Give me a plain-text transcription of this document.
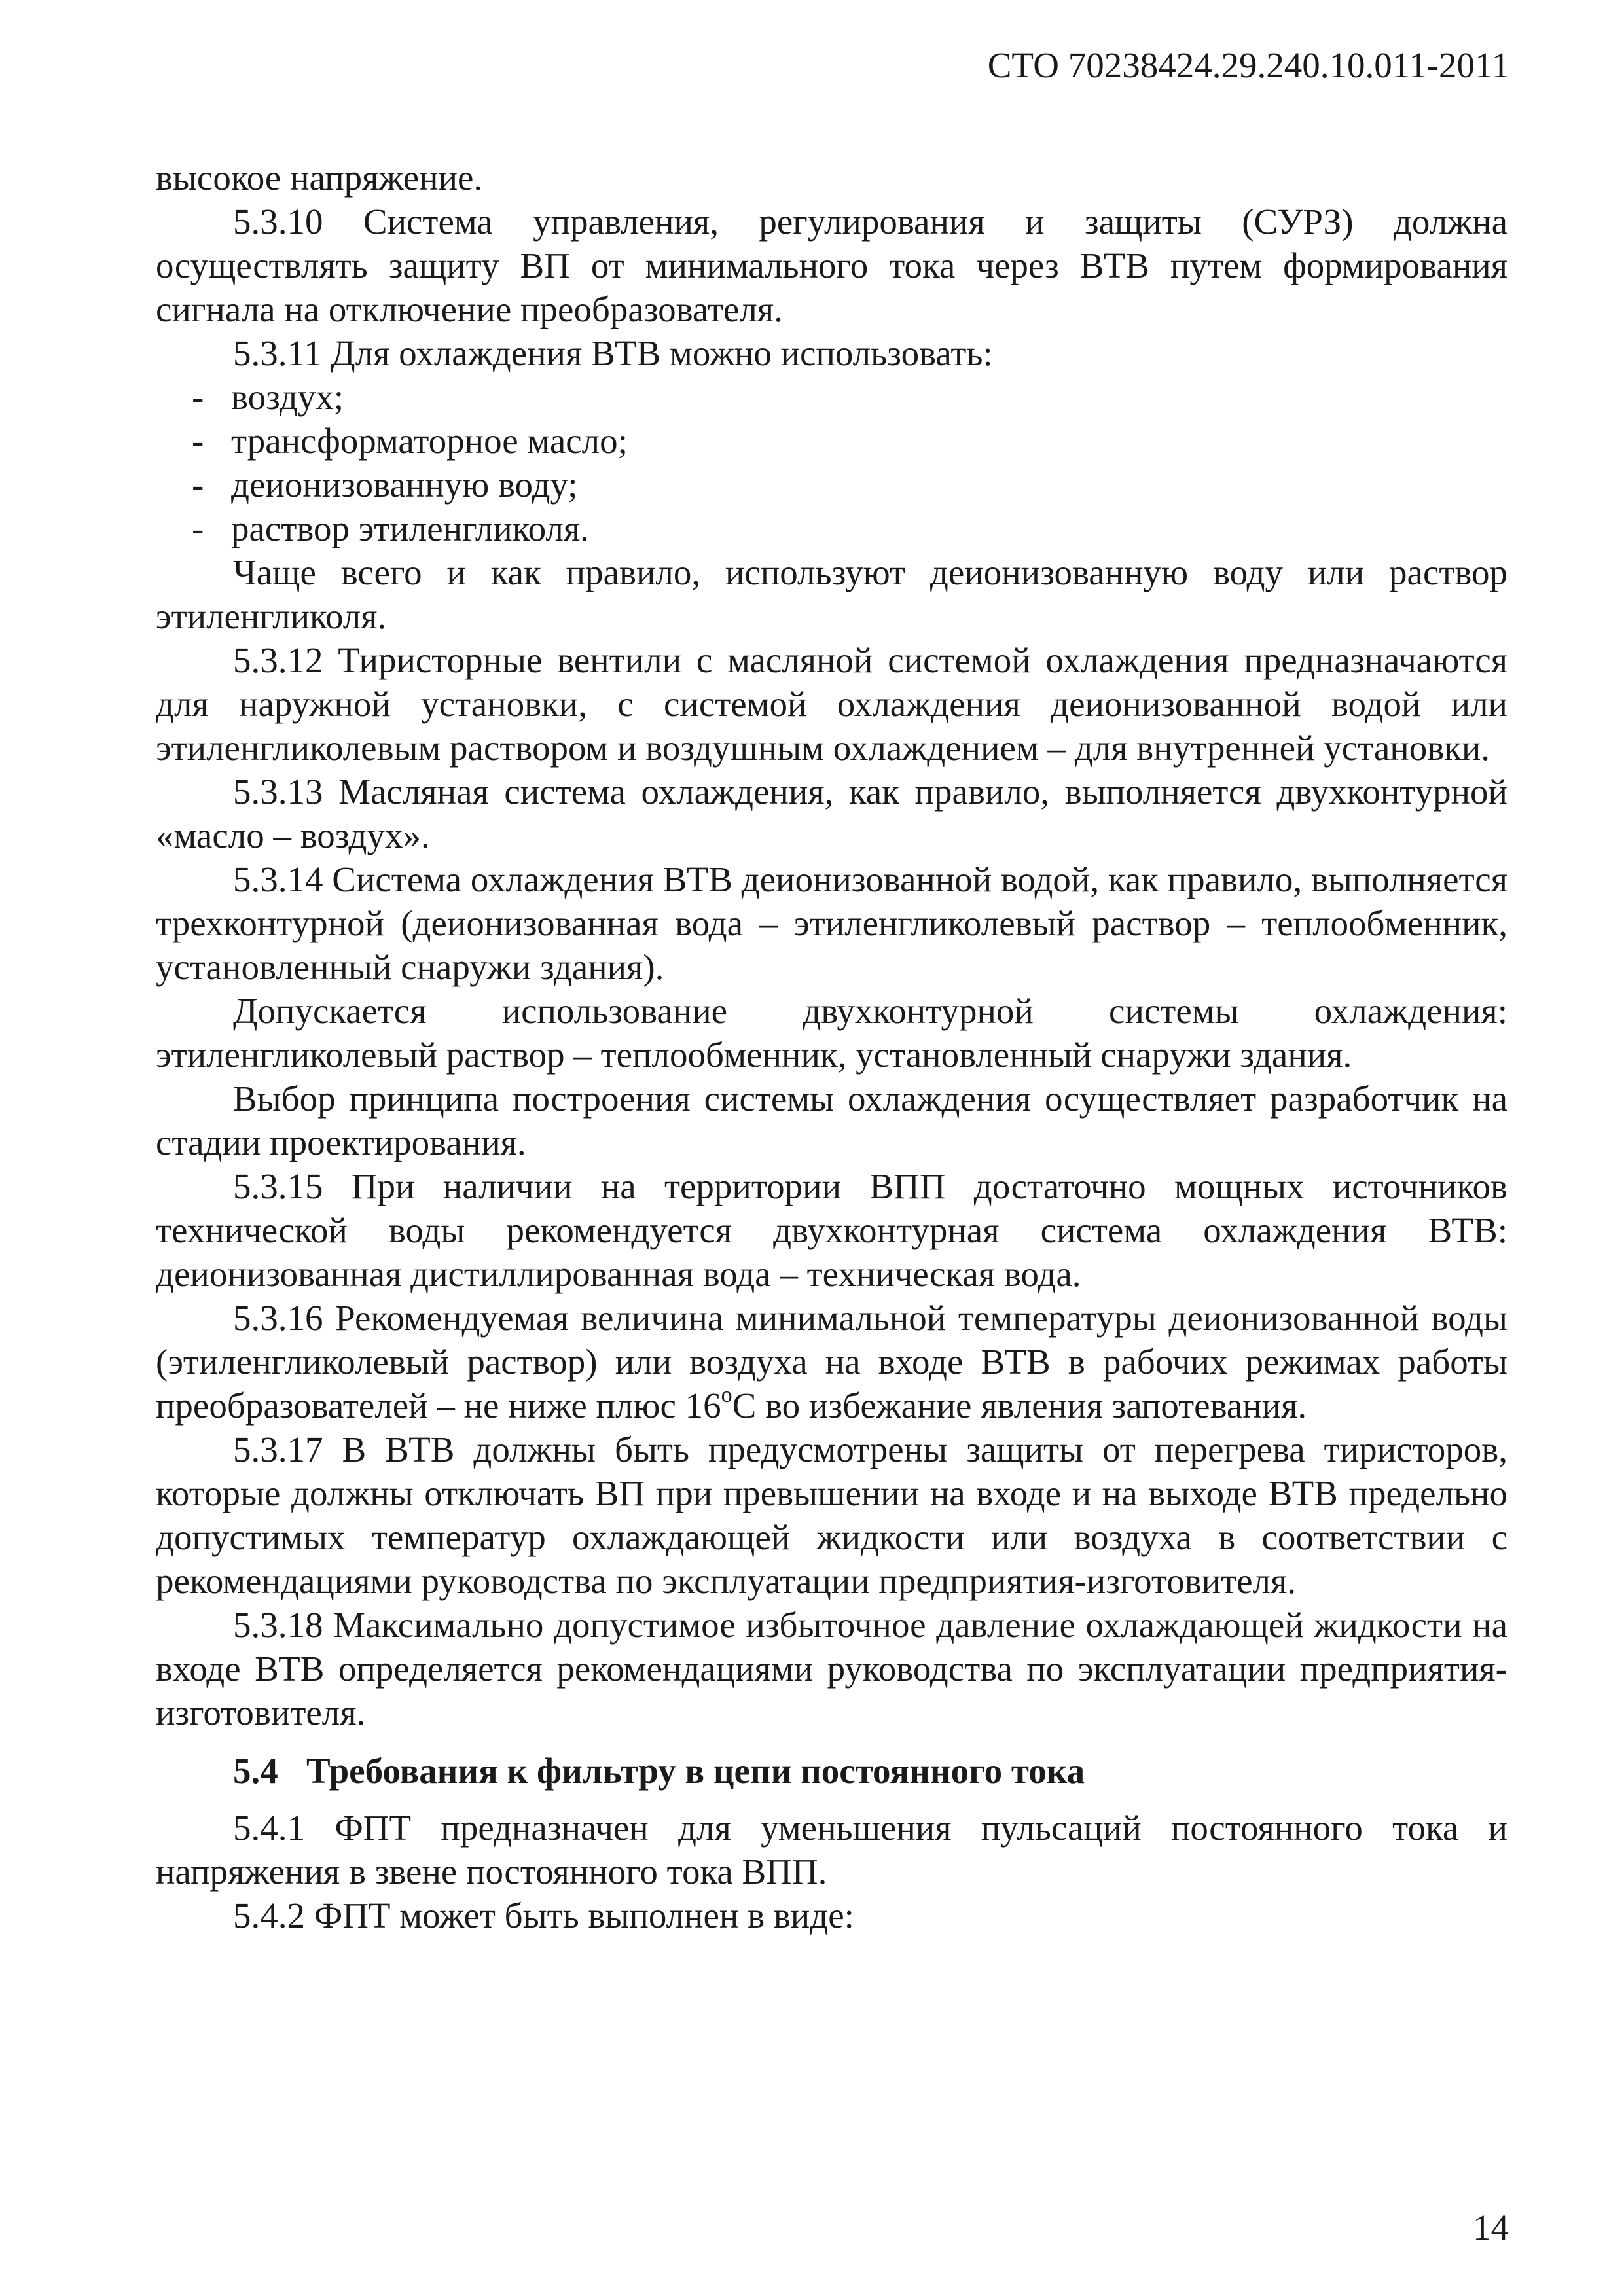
СТО 70238424.29.240.10.011-2011

высокое напряжение.

5.3.10 Система управления, регулирования и защиты (СУРЗ) должна осуществлять защиту ВП от минимального тока через ВТВ путем формирования сигнала на отключение преобразователя.

5.3.11 Для охлаждения ВТВ можно использовать:

- воздух;

- трансформаторное масло;

- деионизованную воду;

- раствор этиленгликоля.

Чаще всего и как правило, используют деионизованную воду или раствор этиленгликоля.

5.3.12 Тиристорные вентили с масляной системой охлаждения предназначаются для наружной установки, с системой охлаждения деионизованной водой или этиленгликолевым раствором и воздушным охлаждением – для внутренней установки.

5.3.13 Масляная система охлаждения, как правило, выполняется двухконтурной «масло – воздух».

5.3.14 Система охлаждения ВТВ деионизованной водой, как правило, выполняется трехконтурной (деионизованная вода – этиленгликолевый раствор – теплообменник, установленный снаружи здания).

Допускается использование двухконтурной системы охлаждения: этиленгликолевый раствор – теплообменник, установленный снаружи здания.

Выбор принципа построения системы охлаждения осуществляет разработчик на стадии проектирования.

5.3.15 При наличии на территории ВПП достаточно мощных источников технической воды рекомендуется двухконтурная система охлаждения ВТВ: деионизованная дистиллированная вода – техническая вода.

5.3.16 Рекомендуемая величина минимальной температуры деионизованной воды (этиленгликолевый раствор) или воздуха на входе ВТВ в рабочих режимах работы преобразователей – не ниже плюс $16^оС$ во избежание явления запотевания.

5.3.17 В ВТВ должны быть предусмотрены защиты от перегрева тиристоров, которые должны отключать ВП при превышении на входе и на выходе ВТВ предельно допустимых температур охлаждающей жидкости или воздуха в соответствии с рекомендациями руководства по эксплуатации предприятия-изготовителя.

5.3.18 Максимально допустимое избыточное давление охлаждающей жидкости на входе ВТВ определяется рекомендациями руководства по эксплуатации предприятия-изготовителя.

5.4 Требования к фильтру в цепи постоянного тока

5.4.1 ФПТ предназначен для уменьшения пульсаций постоянного тока и напряжения в звене постоянного тока ВПП.

5.4.2 ФПТ может быть выполнен в виде:

14
